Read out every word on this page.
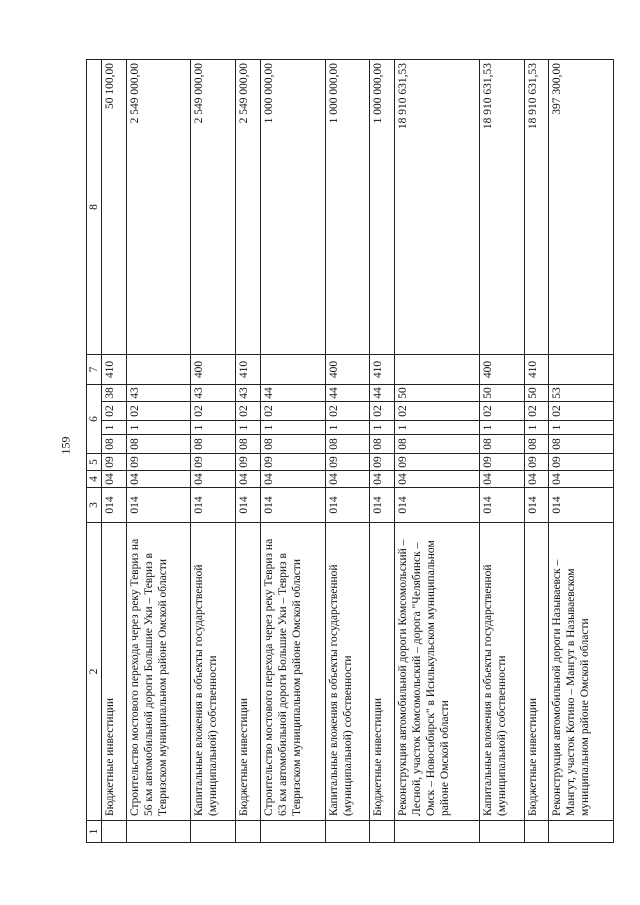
159
1	2	3	4	5	6				7	8
	Бюджетные инвестиции	014	04	09	08	1	02	38	410	50 100,00
	Строительство мостового перехода через реку Тевриз на 56 км автомобильной дороги Большие Уки – Тевриз в Тевризском муниципальном районе Омской области	014	04	09	08	1	02	43		2 549 000,00
	Капитальные вложения в объекты государственной (муниципальной) собственности	014	04	09	08	1	02	43	400	2 549 000,00
	Бюджетные инвестиции	014	04	09	08	1	02	43	410	2 549 000,00
	Строительство мостового перехода через реку Тевриз на 63 км автомобильной дороги Большие Уки – Тевриз в Тевризском муниципальном районе Омской области	014	04	09	08	1	02	44		1 000 000,00
	Капитальные вложения в объекты государственной (муниципальной) собственности	014	04	09	08	1	02	44	400	1 000 000,00
	Бюджетные инвестиции	014	04	09	08	1	02	44	410	1 000 000,00
	Реконструкция автомобильной дороги Комсомольский – Лесной, участок Комсомольский – дорога "Челябинск – Омск – Новосибирск" в Исилькульском муниципальном районе Омской области	014	04	09	08	1	02	50		18 910 631,53
	Капитальные вложения в объекты государственной (муниципальной) собственности	014	04	09	08	1	02	50	400	18 910 631,53
	Бюджетные инвестиции	014	04	09	08	1	02	50	410	18 910 631,53
	Реконструкция автомобильной дороги Называевск – Мангут, участок Котино – Мангут в Называевском муниципальном районе Омской области	014	04	09	08	1	02	53		397 300,00
